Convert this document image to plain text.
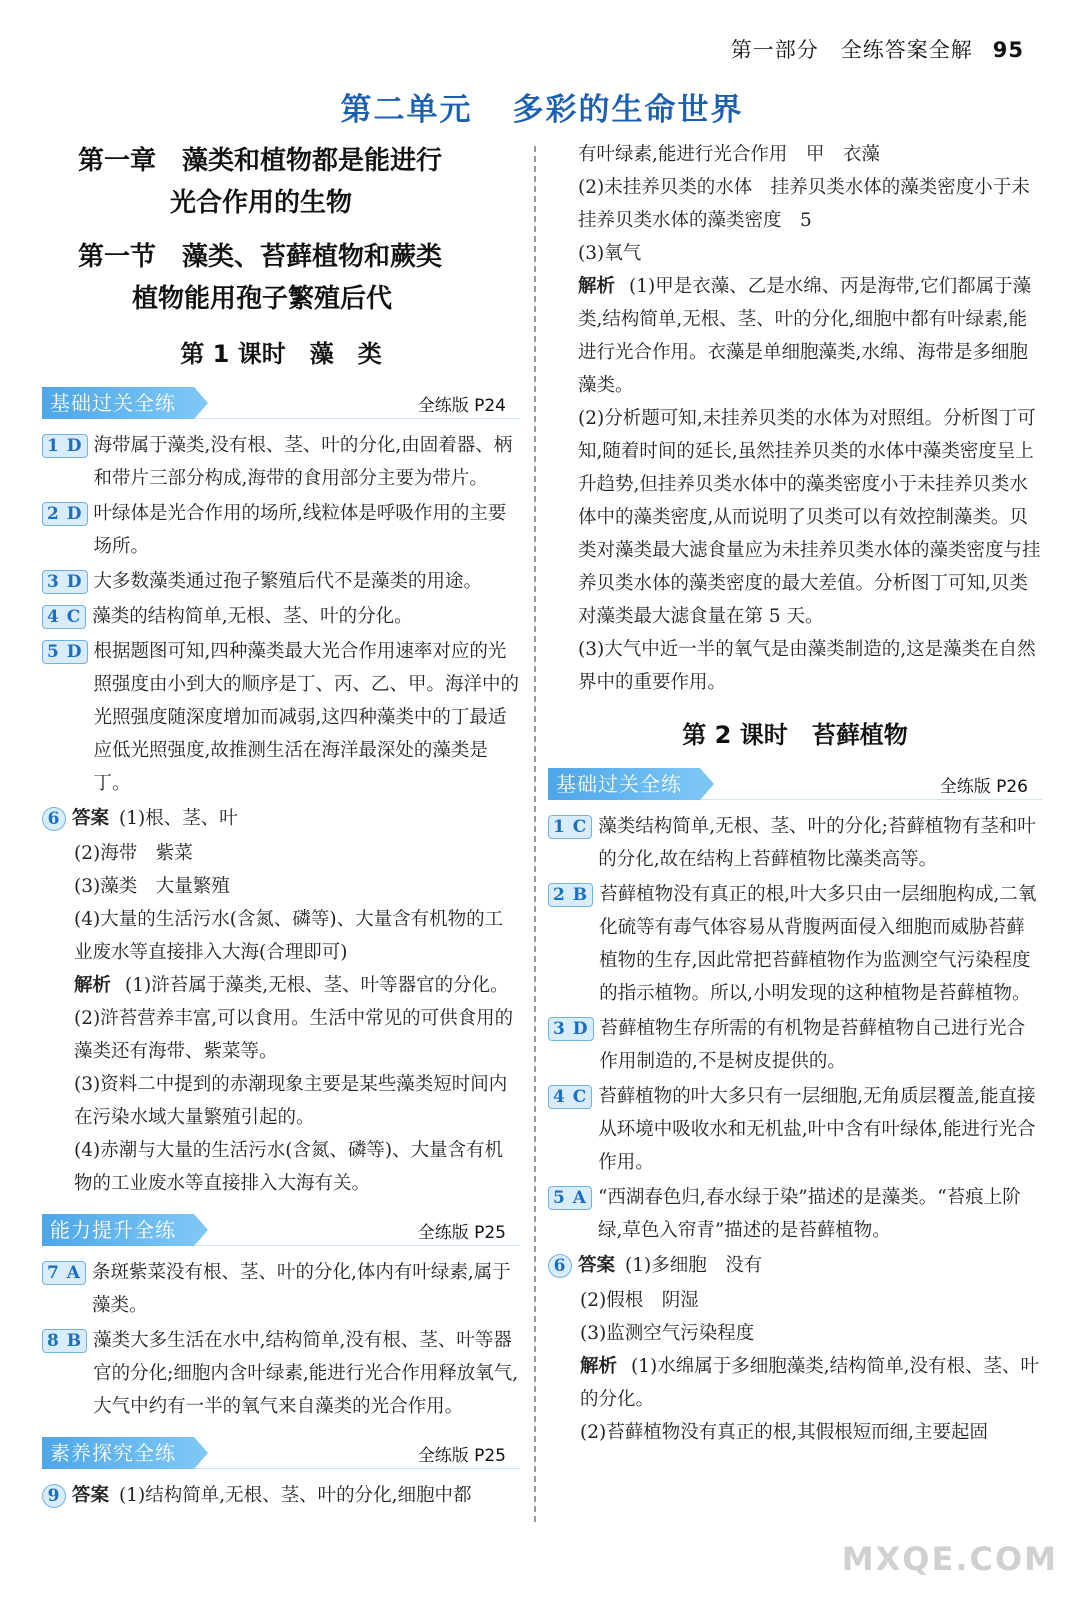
第一部分　全练答案全解 95
第二单元 多彩的生命世界
第一章　藻类和植物都是能进行
光合作用的生物
第一节　藻类、苔藓植物和蕨类
植物能用孢子繁殖后代
第 1 课时　藻　类
基础过关全练	全练版 P24
1 D 海带属于藻类,没有根、茎、叶的分化,由固着器、柄和带片三部分构成,海带的食用部分主要为带片。
2 D 叶绿体是光合作用的场所,线粒体是呼吸作用的主要场所。
3 D 大多数藻类通过孢子繁殖后代不是藻类的用途。
4 C 藻类的结构简单,无根、茎、叶的分化。
5 D 根据题图可知,四种藻类最大光合作用速率对应的光照强度由小到大的顺序是丁、丙、乙、甲。海洋中的光照强度随深度增加而减弱,这四种藻类中的丁最适应低光照强度,故推测生活在海洋最深处的藻类是丁。
6 答案 (1)根、茎、叶
(2)海带　紫菜
(3)藻类　大量繁殖
(4)大量的生活污水(含氮、磷等)、大量含有机物的工业废水等直接排入大海(合理即可)
解析 (1)浒苔属于藻类,无根、茎、叶等器官的分化。
(2)浒苔营养丰富,可以食用。生活中常见的可供食用的藻类还有海带、紫菜等。
(3)资料二中提到的赤潮现象主要是某些藻类短时间内在污染水域大量繁殖引起的。
(4)赤潮与大量的生活污水(含氮、磷等)、大量含有机物的工业废水等直接排入大海有关。
能力提升全练	全练版 P25
7 A 条斑紫菜没有根、茎、叶的分化,体内有叶绿素,属于藻类。
8 B 藻类大多生活在水中,结构简单,没有根、茎、叶等器官的分化;细胞内含叶绿素,能进行光合作用释放氧气,大气中约有一半的氧气来自藻类的光合作用。
素养探究全练	全练版 P25
9 答案 (1)结构简单,无根、茎、叶的分化,细胞中都
有叶绿素,能进行光合作用　甲　衣藻
(2)未挂养贝类的水体　挂养贝类水体的藻类密度小于未挂养贝类水体的藻类密度　5
(3)氧气
解析 (1)甲是衣藻、乙是水绵、丙是海带,它们都属于藻类,结构简单,无根、茎、叶的分化,细胞中都有叶绿素,能进行光合作用。衣藻是单细胞藻类,水绵、海带是多细胞藻类。
(2)分析题可知,未挂养贝类的水体为对照组。分析图丁可知,随着时间的延长,虽然挂养贝类的水体中藻类密度呈上升趋势,但挂养贝类水体中的藻类密度小于未挂养贝类水体中的藻类密度,从而说明了贝类可以有效控制藻类。贝类对藻类最大滤食量应为未挂养贝类水体的藻类密度与挂养贝类水体的藻类密度的最大差值。分析图丁可知,贝类对藻类最大滤食量在第 5 天。
(3)大气中近一半的氧气是由藻类制造的,这是藻类在自然界中的重要作用。
第 2 课时　苔藓植物
基础过关全练	全练版 P26
1 C 藻类结构简单,无根、茎、叶的分化;苔藓植物有茎和叶的分化,故在结构上苔藓植物比藻类高等。
2 B 苔藓植物没有真正的根,叶大多只由一层细胞构成,二氧化硫等有毒气体容易从背腹两面侵入细胞而威胁苔藓植物的生存,因此常把苔藓植物作为监测空气污染程度的指示植物。所以,小明发现的这种植物是苔藓植物。
3 D 苔藓植物生存所需的有机物是苔藓植物自己进行光合作用制造的,不是树皮提供的。
4 C 苔藓植物的叶大多只有一层细胞,无角质层覆盖,能直接从环境中吸收水和无机盐,叶中含有叶绿体,能进行光合作用。
5 A “西湖春色归,春水绿于染”描述的是藻类。“苔痕上阶绿,草色入帘青”描述的是苔藓植物。
6 答案 (1)多细胞　没有
(2)假根　阴湿
(3)监测空气污染程度
解析 (1)水绵属于多细胞藻类,结构简单,没有根、茎、叶的分化。
(2)苔藓植物没有真正的根,其假根短而细,主要起固
MXQE.COM
